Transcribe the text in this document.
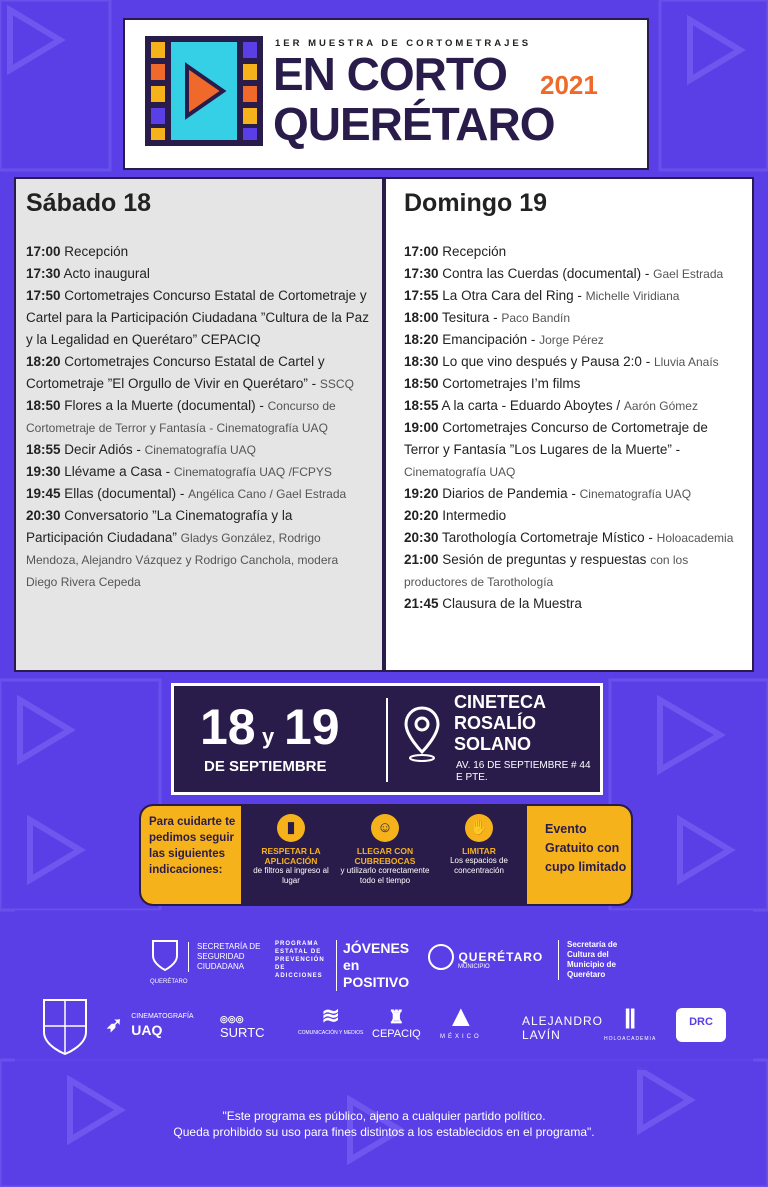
1ER MUESTRA DE CORTOMETRAJES
EN CORTO 2021
QUERÉTARO
Sábado 18
17:00 Recepción
17:30 Acto inaugural
17:50 Cortometrajes Concurso Estatal de Cortometraje y Cartel para la Participación Ciudadana ”Cultura de la Paz y la Legalidad en Querétaro” CEPACIQ
18:20 Cortometrajes Concurso Estatal de Cartel y Cortometraje ”El Orgullo de Vivir en Querétaro” - SSCQ
18:50 Flores a la Muerte (documental) - Concurso de Cortometraje de Terror y Fantasía - Cinematografía UAQ
18:55 Decir Adiós - Cinematografía UAQ
19:30 Llévame a Casa - Cinematografía UAQ /FCPYS
19:45 Ellas (documental) - Angélica Cano / Gael Estrada
20:30 Conversatorio ”La Cinematografía y la Participación Ciudadana” Gladys González, Rodrigo Mendoza, Alejandro Vázquez y Rodrigo Canchola, modera Diego Rivera Cepeda
Domingo 19
17:00 Recepción
17:30 Contra las Cuerdas (documental) - Gael Estrada
17:55 La Otra Cara del Ring - Michelle Viridiana
18:00 Tesitura - Paco Bandín
18:20 Emancipación - Jorge Pérez
18:30 Lo que vino después y Pausa 2:0 - Lluvia Anaís
18:50 Cortometrajes I’m films
18:55 A la carta - Eduardo Aboytes / Aarón Gómez
19:00 Cortometrajes Concurso de Cortometraje de Terror y Fantasía ”Los Lugares de la Muerte” - Cinematografía UAQ
19:20 Diarios de Pandemia - Cinematografía UAQ
20:20 Intermedio
20:30 Tarothología Cortometraje Místico - Holoacademia
21:00 Sesión de preguntas y respuestas con los productores de Tarothología
21:45 Clausura de la Muestra
18 y 19
DE SEPTIEMBRE
CINETECA ROSALÍO SOLANO
AV. 16 DE SEPTIEMBRE # 44 E PTE.
Para cuidarte te pedimos seguir las siguientes indicaciones:
▮
RESPETAR LA APLICACIÓN
de filtros al ingreso al lugar
☺
LLEGAR CON CUBREBOCAS
y utilizarlo correctamente todo el tiempo
✋
LIMITAR
Los espacios de concentración
Evento Gratuito con cupo limitado
QUERÉTARO
SECRETARÍA DE SEGURIDAD CIUDADANA
PROGRAMA ESTATAL DE PREVENCIÓN DE ADICCIONES
JÓVENES en POSITIVO
QUERÉTARO
MUNICIPIO
Secretaría de Cultura del Municipio de Querétaro
➶ CINEMATOGRAFÍA
UAQ
◎◎◎
SURTC
≋
COMUNICACIÓN Y MEDIOS
♜
CEPACIQ
▲
MÉXICO
ALEJANDRO LAVÍN
Ⅱ
HOLOACADEMIA
DRC
"Este programa es público, ajeno a cualquier partido político.
Queda prohibido su uso para fines distintos a los establecidos en el programa".
